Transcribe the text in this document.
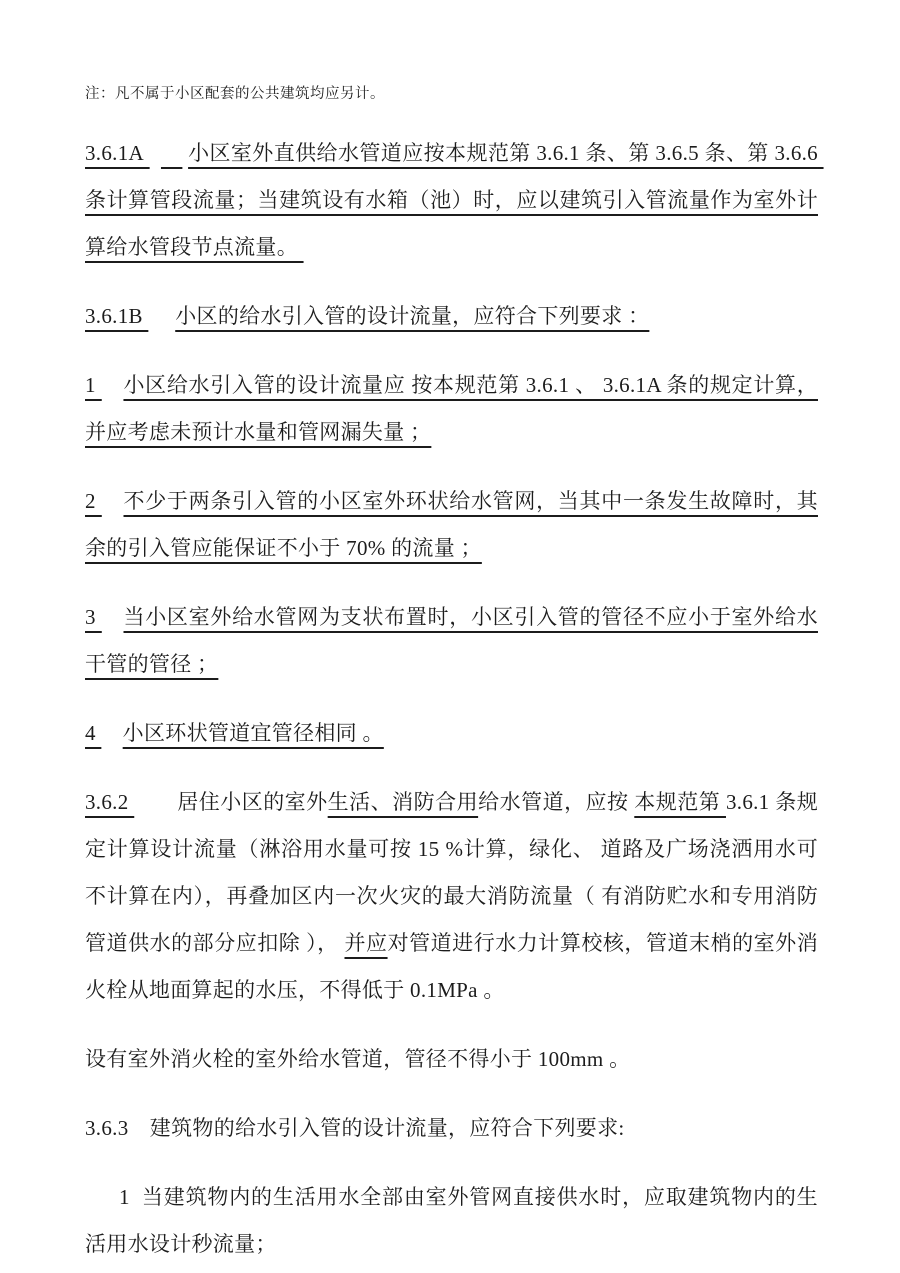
注：凡不属于小区配套的公共建筑均应另计。

3.6.1A   　 小区室外直供给水管道应按本规范第 3.6.1 条、第 3.6.5 条、第 3.6.6 条计算管段流量；当建筑设有水箱（池）时，应以建筑引入管流量作为室外计算给水管段节点流量。

3.6.1B 　 小区的给水引入管的设计流量，应符合下列要求 ：

1 　小区给水引入管的设计流量应 按本规范第 3.6.1 、 3.6.1A 条的规定计算，并应考虑未预计水量和管网漏失量 ；

2 　不少于两条引入管的小区室外环状给水管网，当其中一条发生故障时，其余的引入管应能保证不小于 70% 的流量 ；

3 　当小区室外给水管网为支状布置时，小区引入管的管径不应小于室外给水干管的管径 ；

4 　小区环状管道宜管径相同 。

3.6.2 　　居住小区的室外生活、消防合用给水管道，应按 本规范第 3.6.1 条规定计算设计流量（淋浴用水量可按 15 %计算，绿化、 道路及广场浇洒用水可不计算在内），再叠加区内一次火灾的最大消防流量（ 有消防贮水和专用消防管道供水的部分应扣除 ）， 并应对管道进行水力计算校核，管道末梢的室外消火栓从地面算起的水压，不得低于 0.1MPa 。

设有室外消火栓的室外给水管道，管径不得小于 100mm 。

3.6.3　建筑物的给水引入管的设计流量，应符合下列要求:

　  1  当建筑物内的生活用水全部由室外管网直接供水时，应取建筑物内的生活用水设计秒流量；
